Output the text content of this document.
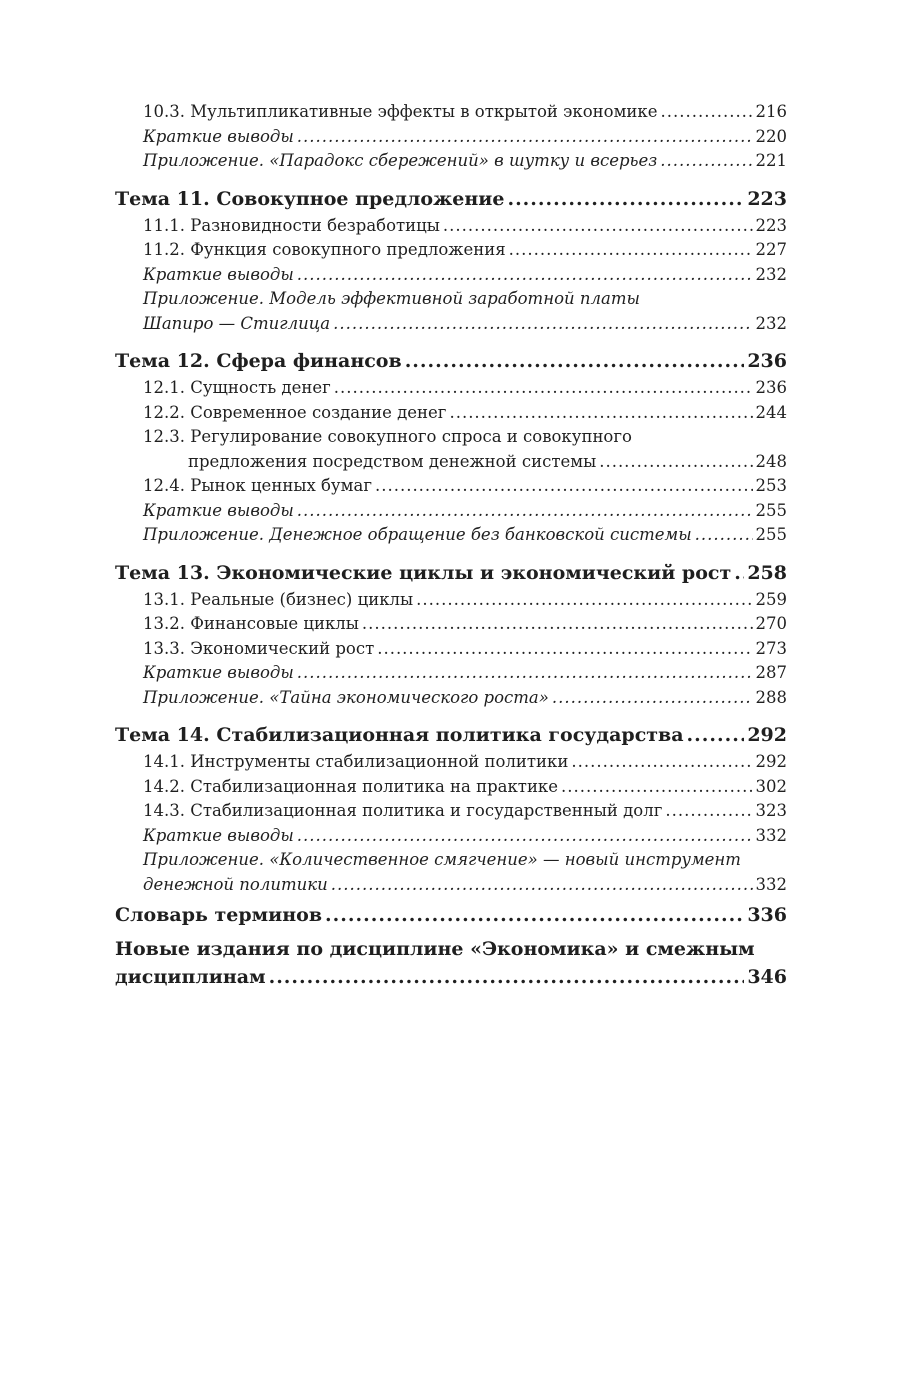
10.3. Мультипликативные эффекты в открытой экономике .....	216
Краткие выводы .....	220
Приложение. «Парадокс сбережений» в шутку и всерьез .....	221
Тема 11. Совокупное предложение .....	223
11.1. Разновидности безработицы .....	223
11.2. Функция совокупного предложения .....	227
Краткие выводы .....	232
Приложение. Модель эффективной заработной платы
Шапиро — Стиглица .....	232
Тема 12. Сфера финансов .....	236
12.1. Сущность денег .....	236
12.2. Современное создание денег .....	244
12.3. Регулирование совокупного спроса и совокупного
предложения посредством денежной системы .....	248
12.4. Рынок ценных бумаг .....	253
Краткие выводы .....	255
Приложение. Денежное обращение без банковской системы .....	255
Тема 13. Экономические циклы и экономический рост ..... 258
13.1. Реальные (бизнес) циклы .....	259
13.2. Финансовые циклы .....	270
13.3. Экономический рост .....	273
Краткие выводы .....	287
Приложение. «Тайна экономического роста» .....	288
Тема 14. Стабилизационная политика государства .....	292
14.1. Инструменты стабилизационной политики .....	292
14.2. Стабилизационная политика на практике .....	302
14.3. Стабилизационная политика и государственный долг .....	323
Краткие выводы .....	332
Приложение. «Количественное смягчение» — новый инструмент
денежной политики .....	332
Словарь терминов .....	336
Новые издания по дисциплине «Экономика» и смежным
дисциплинам .....	346
